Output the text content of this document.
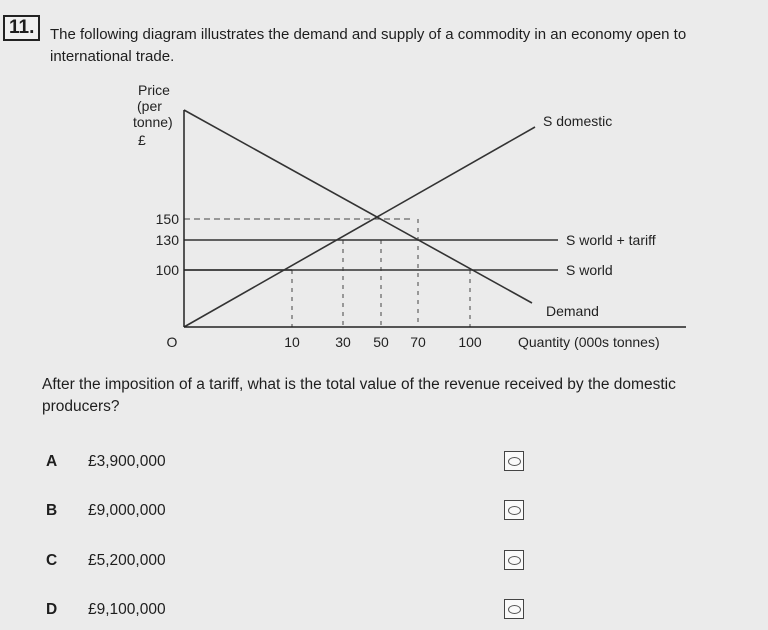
11.	The following diagram illustrates the demand and supply of a commodity in an economy open to international trade.
Price
(per
tonne)
£
O	Quantity (000s tonnes)
10	30 50 70 100
100
130
150
S domestic
S world + tariff
S world
Demand
After the imposition of a tariff, what is the total value of the revenue received by the domestic producers?
A £3,900,000
B £9,000,000
C £5,200,000
D £9,100,000
